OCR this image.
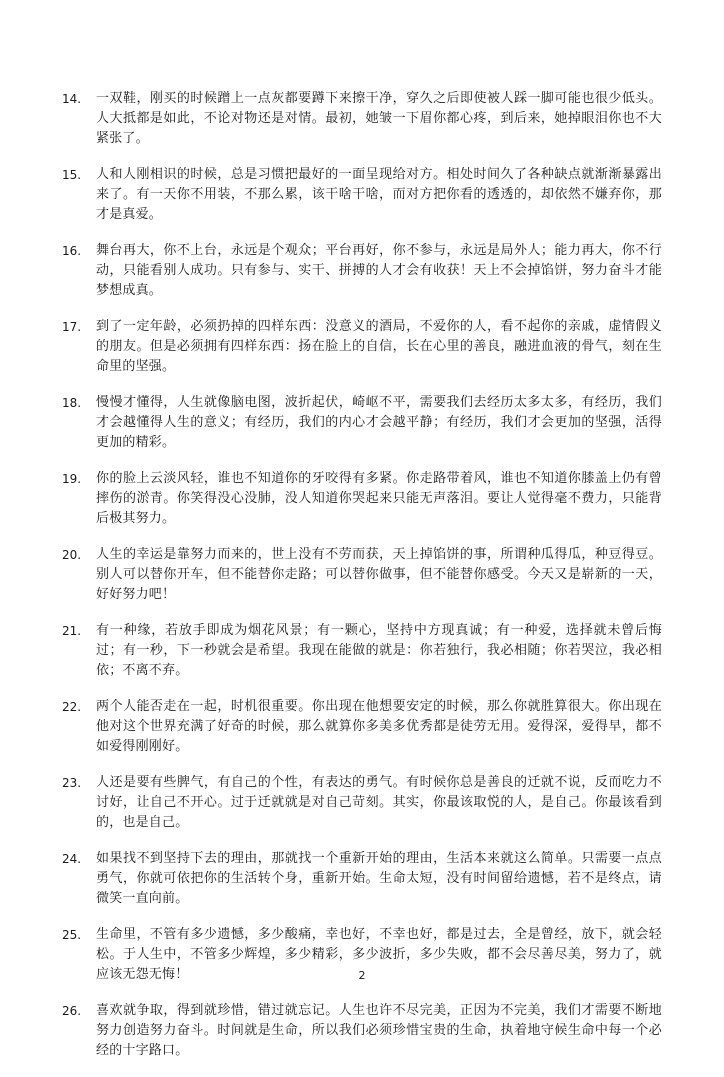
14.	一双鞋，刚买的时候蹭上一点灰都要蹲下来擦干净，穿久之后即使被人踩一脚可能也很少低头。人大抵都是如此，不论对物还是对情。最初，她皱一下眉你都心疼，到后来，她掉眼泪你也不大紧张了。
15.	人和人刚相识的时候，总是习惯把最好的一面呈现给对方。相处时间久了各种缺点就渐渐暴露出来了。有一天你不用装，不那么累，该干啥干啥，而对方把你看的透透的，却依然不嫌弃你，那才是真爱。
16.	舞台再大，你不上台，永远是个观众；平台再好，你不参与，永远是局外人；能力再大，你不行动，只能看别人成功。只有参与、实干、拼搏的人才会有收获！天上不会掉馅饼，努力奋斗才能梦想成真。
17.	到了一定年龄，必须扔掉的四样东西：没意义的酒局，不爱你的人，看不起你的亲戚，虚情假义的朋友。但是必须拥有四样东西：扬在脸上的自信，长在心里的善良，融进血液的骨气，刻在生命里的坚强。
18.	慢慢才懂得，人生就像脑电图，波折起伏，崎岖不平，需要我们去经历太多太多，有经历，我们才会越懂得人生的意义；有经历，我们的内心才会越平静；有经历，我们才会更加的坚强，活得更加的精彩。
19.	你的脸上云淡风轻，谁也不知道你的牙咬得有多紧。你走路带着风，谁也不知道你膝盖上仍有曾摔伤的淤青。你笑得没心没肺，没人知道你哭起来只能无声落泪。要让人觉得毫不费力，只能背后极其努力。
20.	人生的幸运是靠努力而来的，世上没有不劳而获，天上掉馅饼的事，所谓种瓜得瓜，种豆得豆。别人可以替你开车，但不能替你走路；可以替你做事，但不能替你感受。今天又是崭新的一天，好好努力吧！
21.	有一种缘，若放手即成为烟花风景；有一颗心，坚持中方现真诚；有一种爱，选择就未曾后悔过；有一秒，下一秒就会是希望。我现在能做的就是：你若独行，我必相随；你若哭泣，我必相依；不离不弃。
22.	两个人能否走在一起，时机很重要。你出现在他想要安定的时候，那么你就胜算很大。你出现在他对这个世界充满了好奇的时候，那么就算你多美多优秀都是徒劳无用。爱得深，爱得早，都不如爱得刚刚好。
23.	人还是要有些脾气，有自己的个性，有表达的勇气。有时候你总是善良的迁就不说，反而吃力不讨好，让自己不开心。过于迁就就是对自己苛刻。其实，你最该取悦的人，是自己。你最该看到的，也是自己。
24.	如果找不到坚持下去的理由，那就找一个重新开始的理由，生活本来就这么简单。只需要一点点勇气，你就可依把你的生活转个身，重新开始。生命太短，没有时间留给遗憾，若不是终点，请微笑一直向前。
25.	生命里，不管有多少遗憾，多少酸痛，幸也好，不幸也好，都是过去，全是曾经，放下，就会轻松。于人生中，不管多少辉煌，多少精彩，多少波折，多少失败，都不会尽善尽美，努力了，就应该无怨无悔！
26.	喜欢就争取，得到就珍惜，错过就忘记。人生也许不尽完美，正因为不完美，我们才需要不断地努力创造努力奋斗。时间就是生命，所以我们必须珍惜宝贵的生命，执着地守候生命中每一个必经的十字路口。
2
